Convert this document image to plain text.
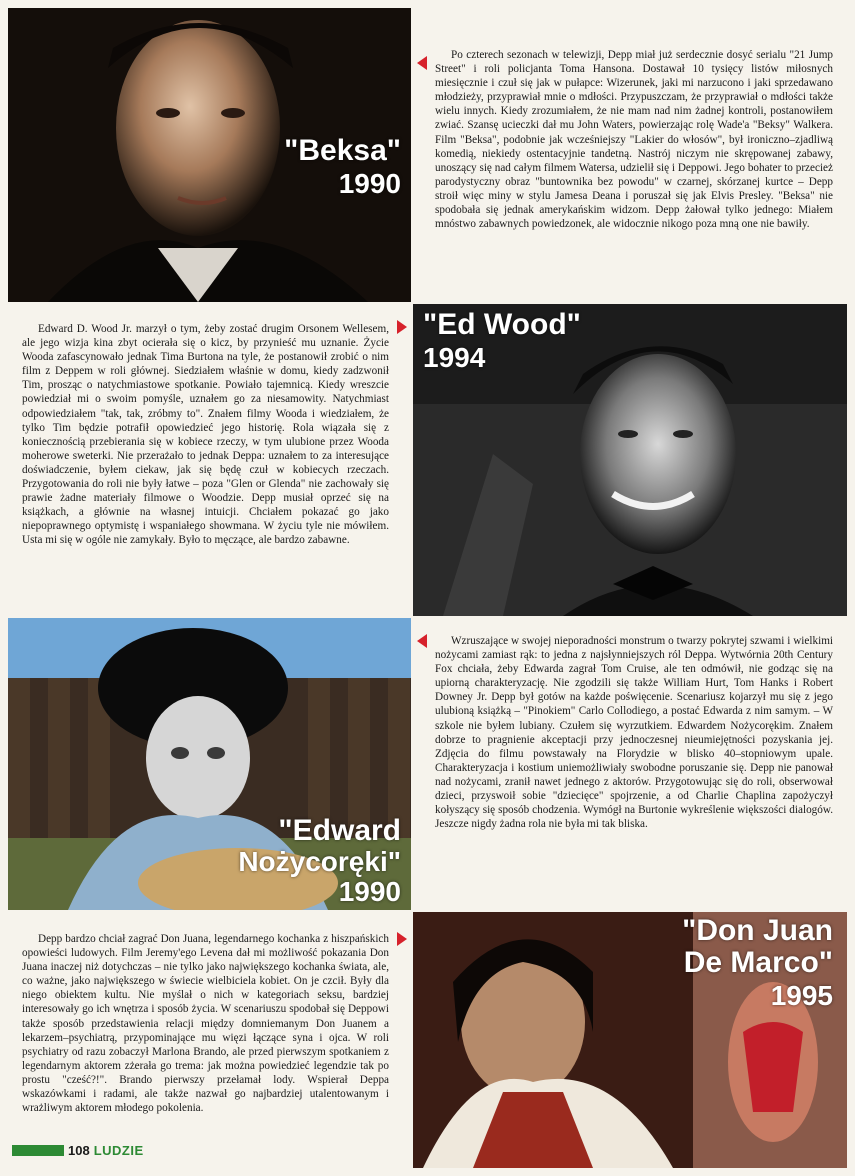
"Beksa"
1990

Po czterech sezonach w telewizji, Depp miał już serdecznie dosyć serialu "21 Jump Street" i roli policjanta Toma Hansona. Dostawał 10 tysięcy listów miłosnych miesięcznie i czuł się jak w pułapce: Wizerunek, jaki mi narzucono i jaki sprzedawano młodzieży, przyprawiał mnie o mdłości. Przypuszczam, że przyprawiał o mdłości także wielu innych. Kiedy zrozumiałem, że nie mam nad nim żadnej kontroli, postanowiłem zwiać. Szansę ucieczki dał mu John Waters, powierzając rolę Wade'a "Beksy" Walkera. Film "Beksa", podobnie jak wcześniejszy "Lakier do włosów", był ironiczno–zjadliwą komedią, niekiedy ostentacyjnie tandetną. Nastrój niczym nie skrępowanej zabawy, unoszący się nad całym filmem Watersa, udzielił się i Deppowi. Jego bohater to przecież parodystyczny obraz "buntownika bez powodu" w czarnej, skórzanej kurtce – Depp stroił więc miny w stylu Jamesa Deana i poruszał się jak Elvis Presley. "Beksa" nie spodobała się jednak amerykańskim widzom. Depp żałował tylko jednego: Miałem mnóstwo zabawnych powiedzonek, ale widocznie nikogo poza mną one nie bawiły.

Edward D. Wood Jr. marzył o tym, żeby zostać drugim Orsonem Wellesem, ale jego wizja kina zbyt ocierała się o kicz, by przynieść mu uznanie. Życie Wooda zafascynowało jednak Tima Burtona na tyle, że postanowił zrobić o nim film z Deppem w roli głównej. Siedziałem właśnie w domu, kiedy zadzwonił Tim, prosząc o natychmiastowe spotkanie. Powiało tajemnicą. Kiedy wreszcie powiedział mi o swoim pomyśle, uznałem go za niesamowity. Natychmiast odpowiedziałem "tak, tak, zróbmy to". Znałem filmy Wooda i wiedziałem, że tylko Tim będzie potrafił opowiedzieć jego historię. Rola wiązała się z koniecznością przebierania się w kobiece rzeczy, w tym ulubione przez Wooda moherowe sweterki. Nie przerażało to jednak Deppa: uznałem to za interesujące doświadczenie, byłem ciekaw, jak się będę czuł w kobiecych rzeczach. Przygotowania do roli nie były łatwe – poza "Glen or Glenda" nie zachowały się prawie żadne materiały filmowe o Woodzie. Depp musiał oprzeć się na książkach, a głównie na własnej intuicji. Chciałem pokazać go jako niepoprawnego optymistę i wspaniałego showmana. W życiu tyle nie mówiłem. Usta mi się w ogóle nie zamykały. Było to męczące, ale bardzo zabawne.

"Ed Wood"
1994
"Edward
Nożycoręki"
1990

Wzruszające w swojej nieporadności monstrum o twarzy pokrytej szwami i wielkimi nożycami zamiast rąk: to jedna z najsłynniejszych ról Deppa. Wytwórnia 20th Century Fox chciała, żeby Edwarda zagrał Tom Cruise, ale ten odmówił, nie godząc się na upiorną charakteryzację. Nie zgodzili się także William Hurt, Tom Hanks i Robert Downey Jr. Depp był gotów na każde poświęcenie. Scenariusz kojarzył mu się z jego ulubioną książką – "Pinokiem" Carlo Collodiego, a postać Edwarda z nim samym. – W szkole nie byłem lubiany. Czułem się wyrzutkiem. Edwardem Nożycorękim. Znałem dobrze to pragnienie akceptacji przy jednoczesnej nieumiejętności pozyskania jej. Zdjęcia do filmu powstawały na Florydzie w blisko 40–stopniowym upale. Charakteryzacja i kostium uniemożliwiały swobodne poruszanie się. Depp nie panował nad nożycami, zranił nawet jednego z aktorów. Przygotowując się do roli, obserwował dzieci, przyswoił sobie "dziecięce" spojrzenie, a od Charlie Chaplina zapożyczył kołyszący się sposób chodzenia. Wymógł na Burtonie wykreślenie większości dialogów. Jeszcze nigdy żadna rola nie była mi tak bliska.

Depp bardzo chciał zagrać Don Juana, legendarnego kochanka z hiszpańskich opowieści ludowych. Film Jeremy'ego Levena dał mi możliwość pokazania Don Juana inaczej niż dotychczas – nie tylko jako największego kochanka świata, ale, co ważne, jako największego w świecie wielbiciela kobiet. On je czcił. Były dla niego obiektem kultu. Nie myślał o nich w kategoriach seksu, bardziej interesowały go ich wnętrza i sposób życia. W scenariuszu spodobał się Deppowi także sposób przedstawienia relacji między domniemanym Don Juanem a lekarzem–psychiatrą, przypominające mu więzi łączące syna i ojca. W roli psychiatry od razu zobaczył Marlona Brando, ale przed pierwszym spotkaniem z legendarnym aktorem zżerała go trema: jak można powiedzieć legendzie tak po prostu "cześć?!". Brando pierwszy przełamał lody. Wspierał Deppa wskazówkami i radami, ale także nazwał go najbardziej utalentowanym i wrażliwym aktorem młodego pokolenia.

"Don Juan
De Marco"
1995
108 LUDZIE
